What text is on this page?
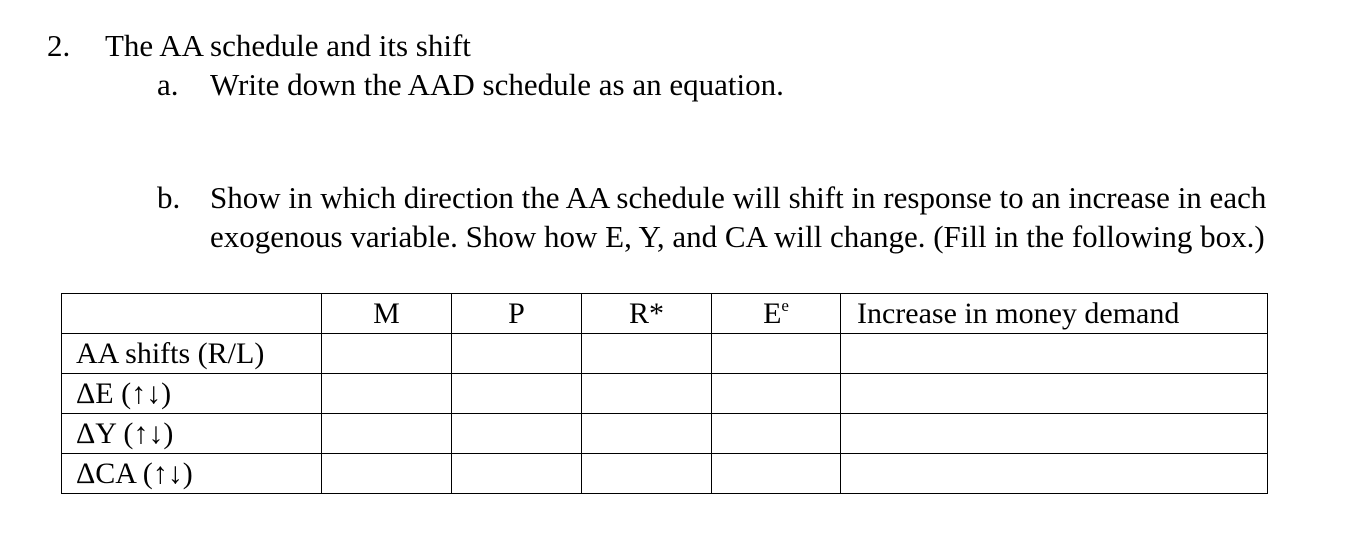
2. The AA schedule and its shift
a. Write down the AAD schedule as an equation.
b. Show in which direction the AA schedule will shift in response to an increase in each
exogenous variable. Show how E, Y, and CA will change. (Fill in the following box.)
	M	P	R*	$E^e$	Increase in money demand
AA shifts (R/L)					
ΔE (↑↓)					
ΔY (↑↓)					
ΔCA (↑↓)					
